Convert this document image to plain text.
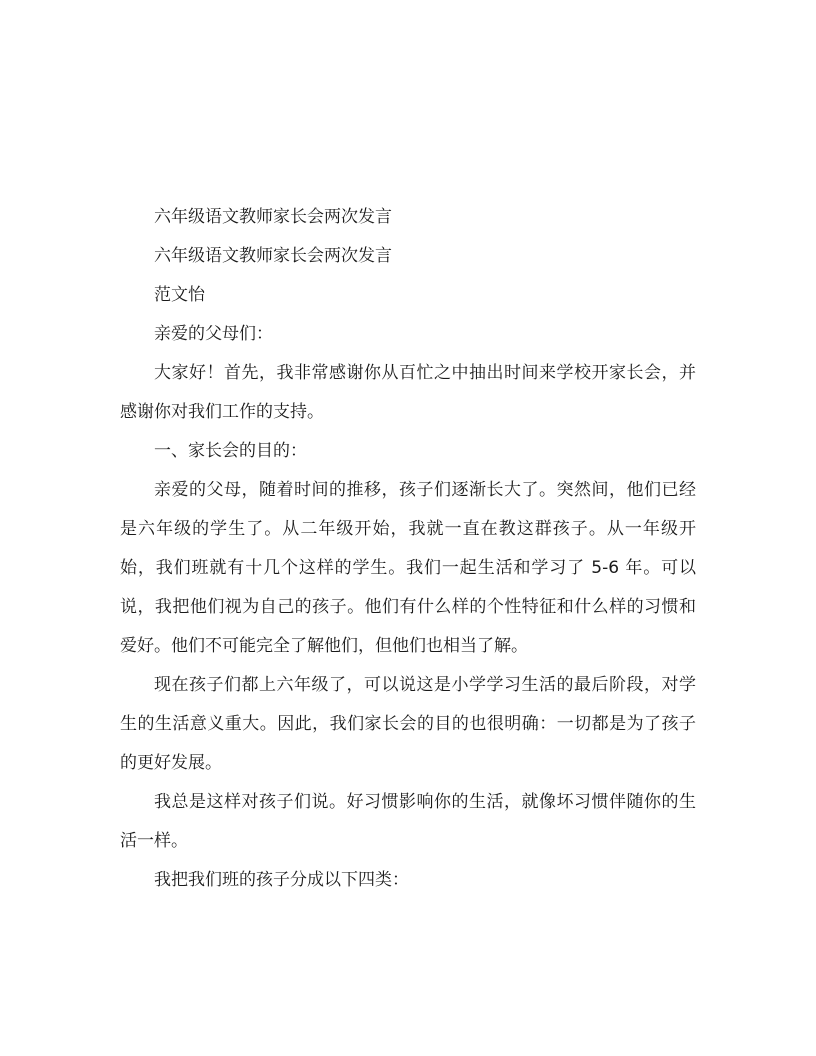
六年级语文教师家长会两次发言

六年级语文教师家长会两次发言

范文怡

亲爱的父母们：

大家好！首先，我非常感谢你从百忙之中抽出时间来学校开家长会，并感谢你对我们工作的支持。

一、家长会的目的：

亲爱的父母，随着时间的推移，孩子们逐渐长大了。突然间，他们已经是六年级的学生了。从二年级开始，我就一直在教这群孩子。从一年级开始，我们班就有十几个这样的学生。我们一起生活和学习了 5-6 年。可以说，我把他们视为自己的孩子。他们有什么样的个性特征和什么样的习惯和爱好。他们不可能完全了解他们，但他们也相当了解。

现在孩子们都上六年级了，可以说这是小学学习生活的最后阶段，对学生的生活意义重大。因此，我们家长会的目的也很明确：一切都是为了孩子的更好发展。

我总是这样对孩子们说。好习惯影响你的生活，就像坏习惯伴随你的生活一样。

我把我们班的孩子分成以下四类：
